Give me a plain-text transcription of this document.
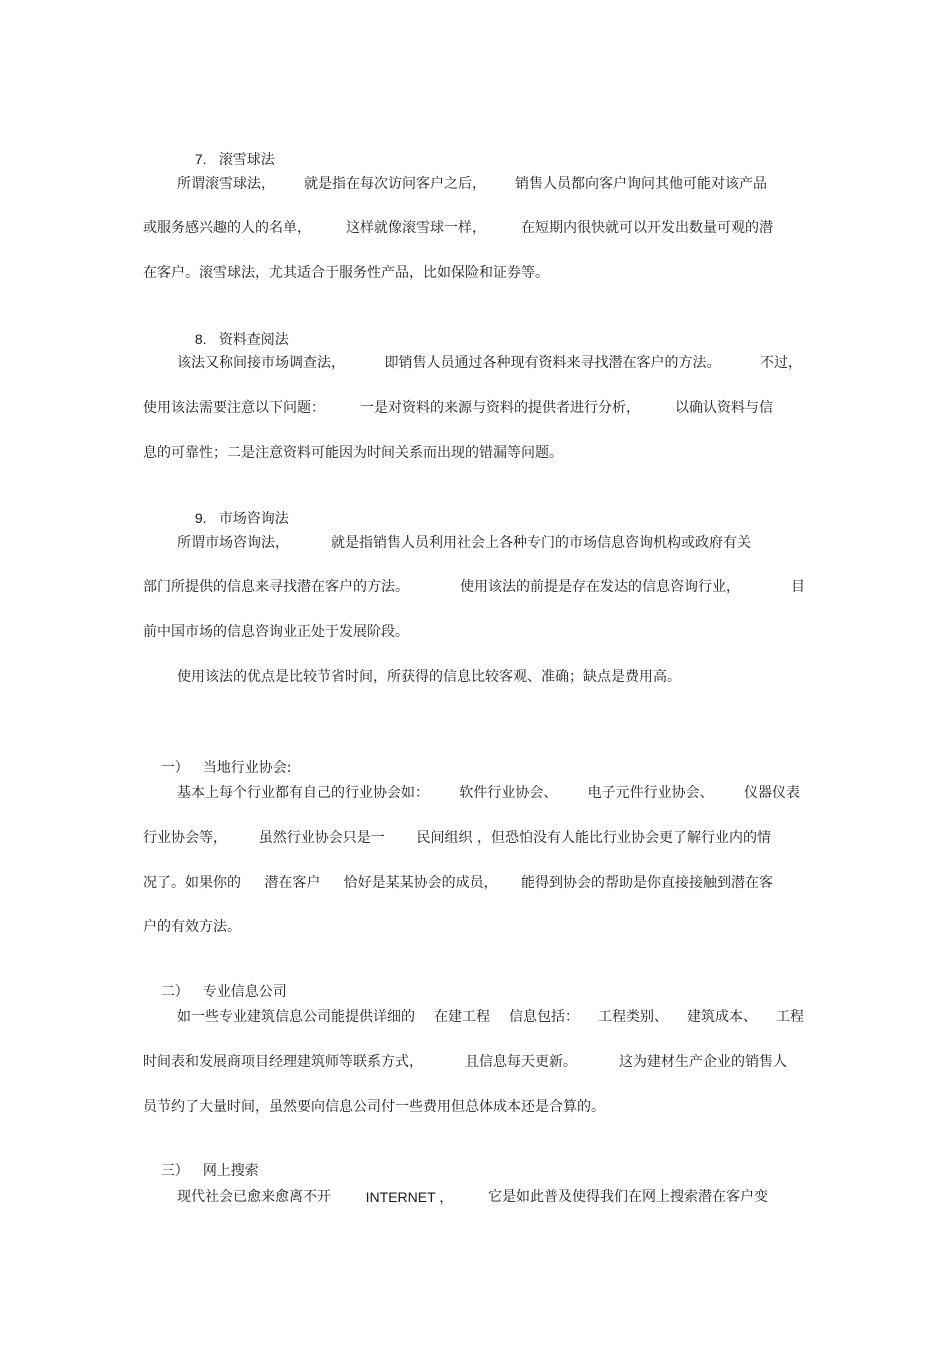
7. 滚雪球法

所谓滚雪球法， 就是指在每次访问客户之后， 销售人员都向客户询问其他可能对该产品
或服务感兴趣的人的名单，	这样就像滚雪球一样，	在短期内很快就可以开发出数量可观的潜
在客户。滚雪球法，尤其适合于服务性产品，比如保险和证券等。

8. 资料查阅法

该法又称间接市场调查法，	即销售人员通过各种现有资料来寻找潜在客户的方法。	不过，
使用该法需要注意以下问题：	一是对资料的来源与资料的提供者进行分析，	以确认资料与信
息的可靠性；二是注意资料可能因为时间关系而出现的错漏等问题。

9. 市场咨询法

所谓市场咨询法，	就是指销售人员利用社会上各种专门的市场信息咨询机构或政府有关
部门所提供的信息来寻找潜在客户的方法。	使用该法的前提是存在发达的信息咨询行业，	目
前中国市场的信息咨询业正处于发展阶段。
使用该法的优点是比较节省时间，所获得的信息比较客观、准确；缺点是费用高。

一） 当地行业协会:

基本上每个行业都有自己的行业协会如： 软件行业协会、 电子元件行业协会、 仪器仪表
行业协会等， 虽然行业协会只是一 民间组织 ，但恐怕没有人能比行业协会更了解行业内的情
况了。如果你的 潜在客户 恰好是某某协会的成员， 能得到协会的帮助是你直接接触到潜在客
户的有效方法。

二） 专业信息公司

如一些专业建筑信息公司能提供详细的 在建工程 信息包括： 工程类别、 建筑成本、 工程
时间表和发展商项目经理建筑师等联系方式，	且信息每天更新。	这为建材生产企业的销售人
员节约了大量时间，虽然要向信息公司付一些费用但总体成本还是合算的。

三） 网上搜索

现代社会已愈来愈离不开 INTERNET ， 它是如此普及使得我们在网上搜索潜在客户变
